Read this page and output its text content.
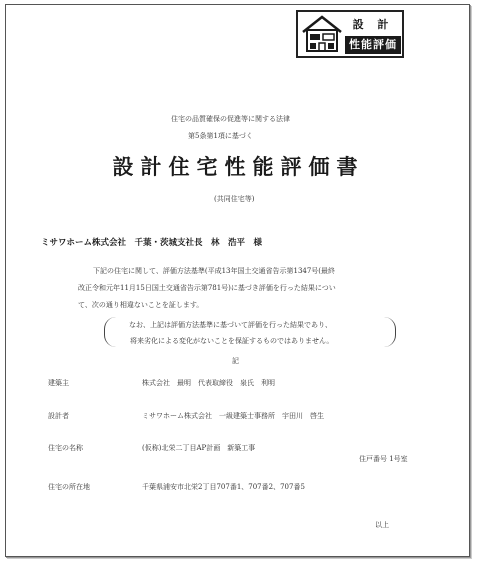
設 計
性能評価
住宅の品質確保の促進等に関する法律
第5条第1項に基づく
設計住宅性能評価書
(共同住宅等)
ミサワホーム株式会社　千葉・茨城支社長　林　浩平　様
下記の住宅に関して、評価方法基準(平成13年国土交通省告示第1347号(最終
改正令和元年11月15日国土交通省告示第781号)に基づき評価を行った結果につい
て、次の通り相違ないことを証します。
なお、上記は評価方法基準に基づいて評価を行った結果であり、
将来劣化による変化がないことを保証するものではありません。
記
建築主	株式会社　最明　代表取締役　泉氏　利明
設計者	ミサワホーム株式会社　一級建築士事務所　宇田川　啓生
住宅の名称	(仮称)北栄二丁目AP計画　新築工事
住戸番号 1号室
住宅の所在地	千葉県浦安市北栄2丁目707番1、707番2、707番5
以上
